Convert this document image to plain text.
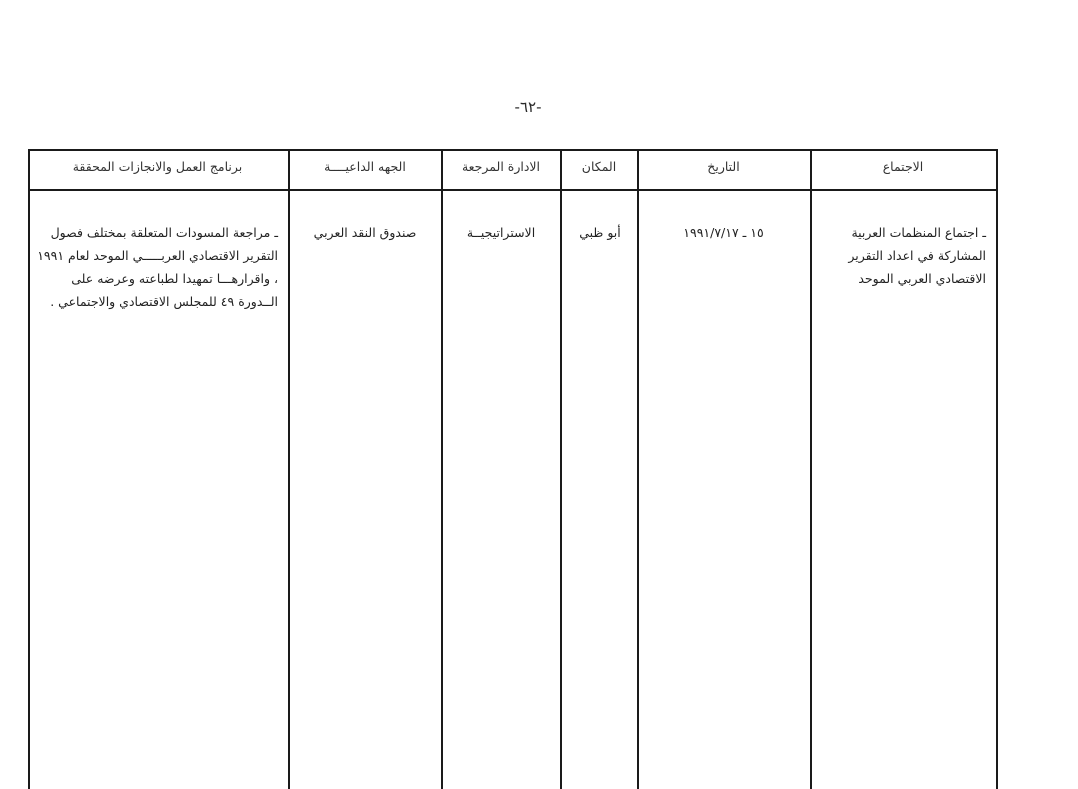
-٦٢-
الاجتماع
التاريخ
المكان
الادارة المرجعة
الجهه الداعيــــة
برنامج العمل والانجازات المحققة
ـ اجتماع المنظمات العربية المشاركة في اعداد التقرير الاقتصادي العربي الموحد
١٥ ـ ١٩٩١/٧/١٧
أبو ظبي
الاستراتيجيــة
صندوق النقد العربي
ـ مراجعة المسودات المتعلقة بمختلف فصول التقرير الاقتصادي العربـــــي الموحد لعام ١٩٩١ ، واقرارهـــا تمهيدا لطباعته وعرضه على الــدورة ٤٩ للمجلس الاقتصادي والاجتماعي .
